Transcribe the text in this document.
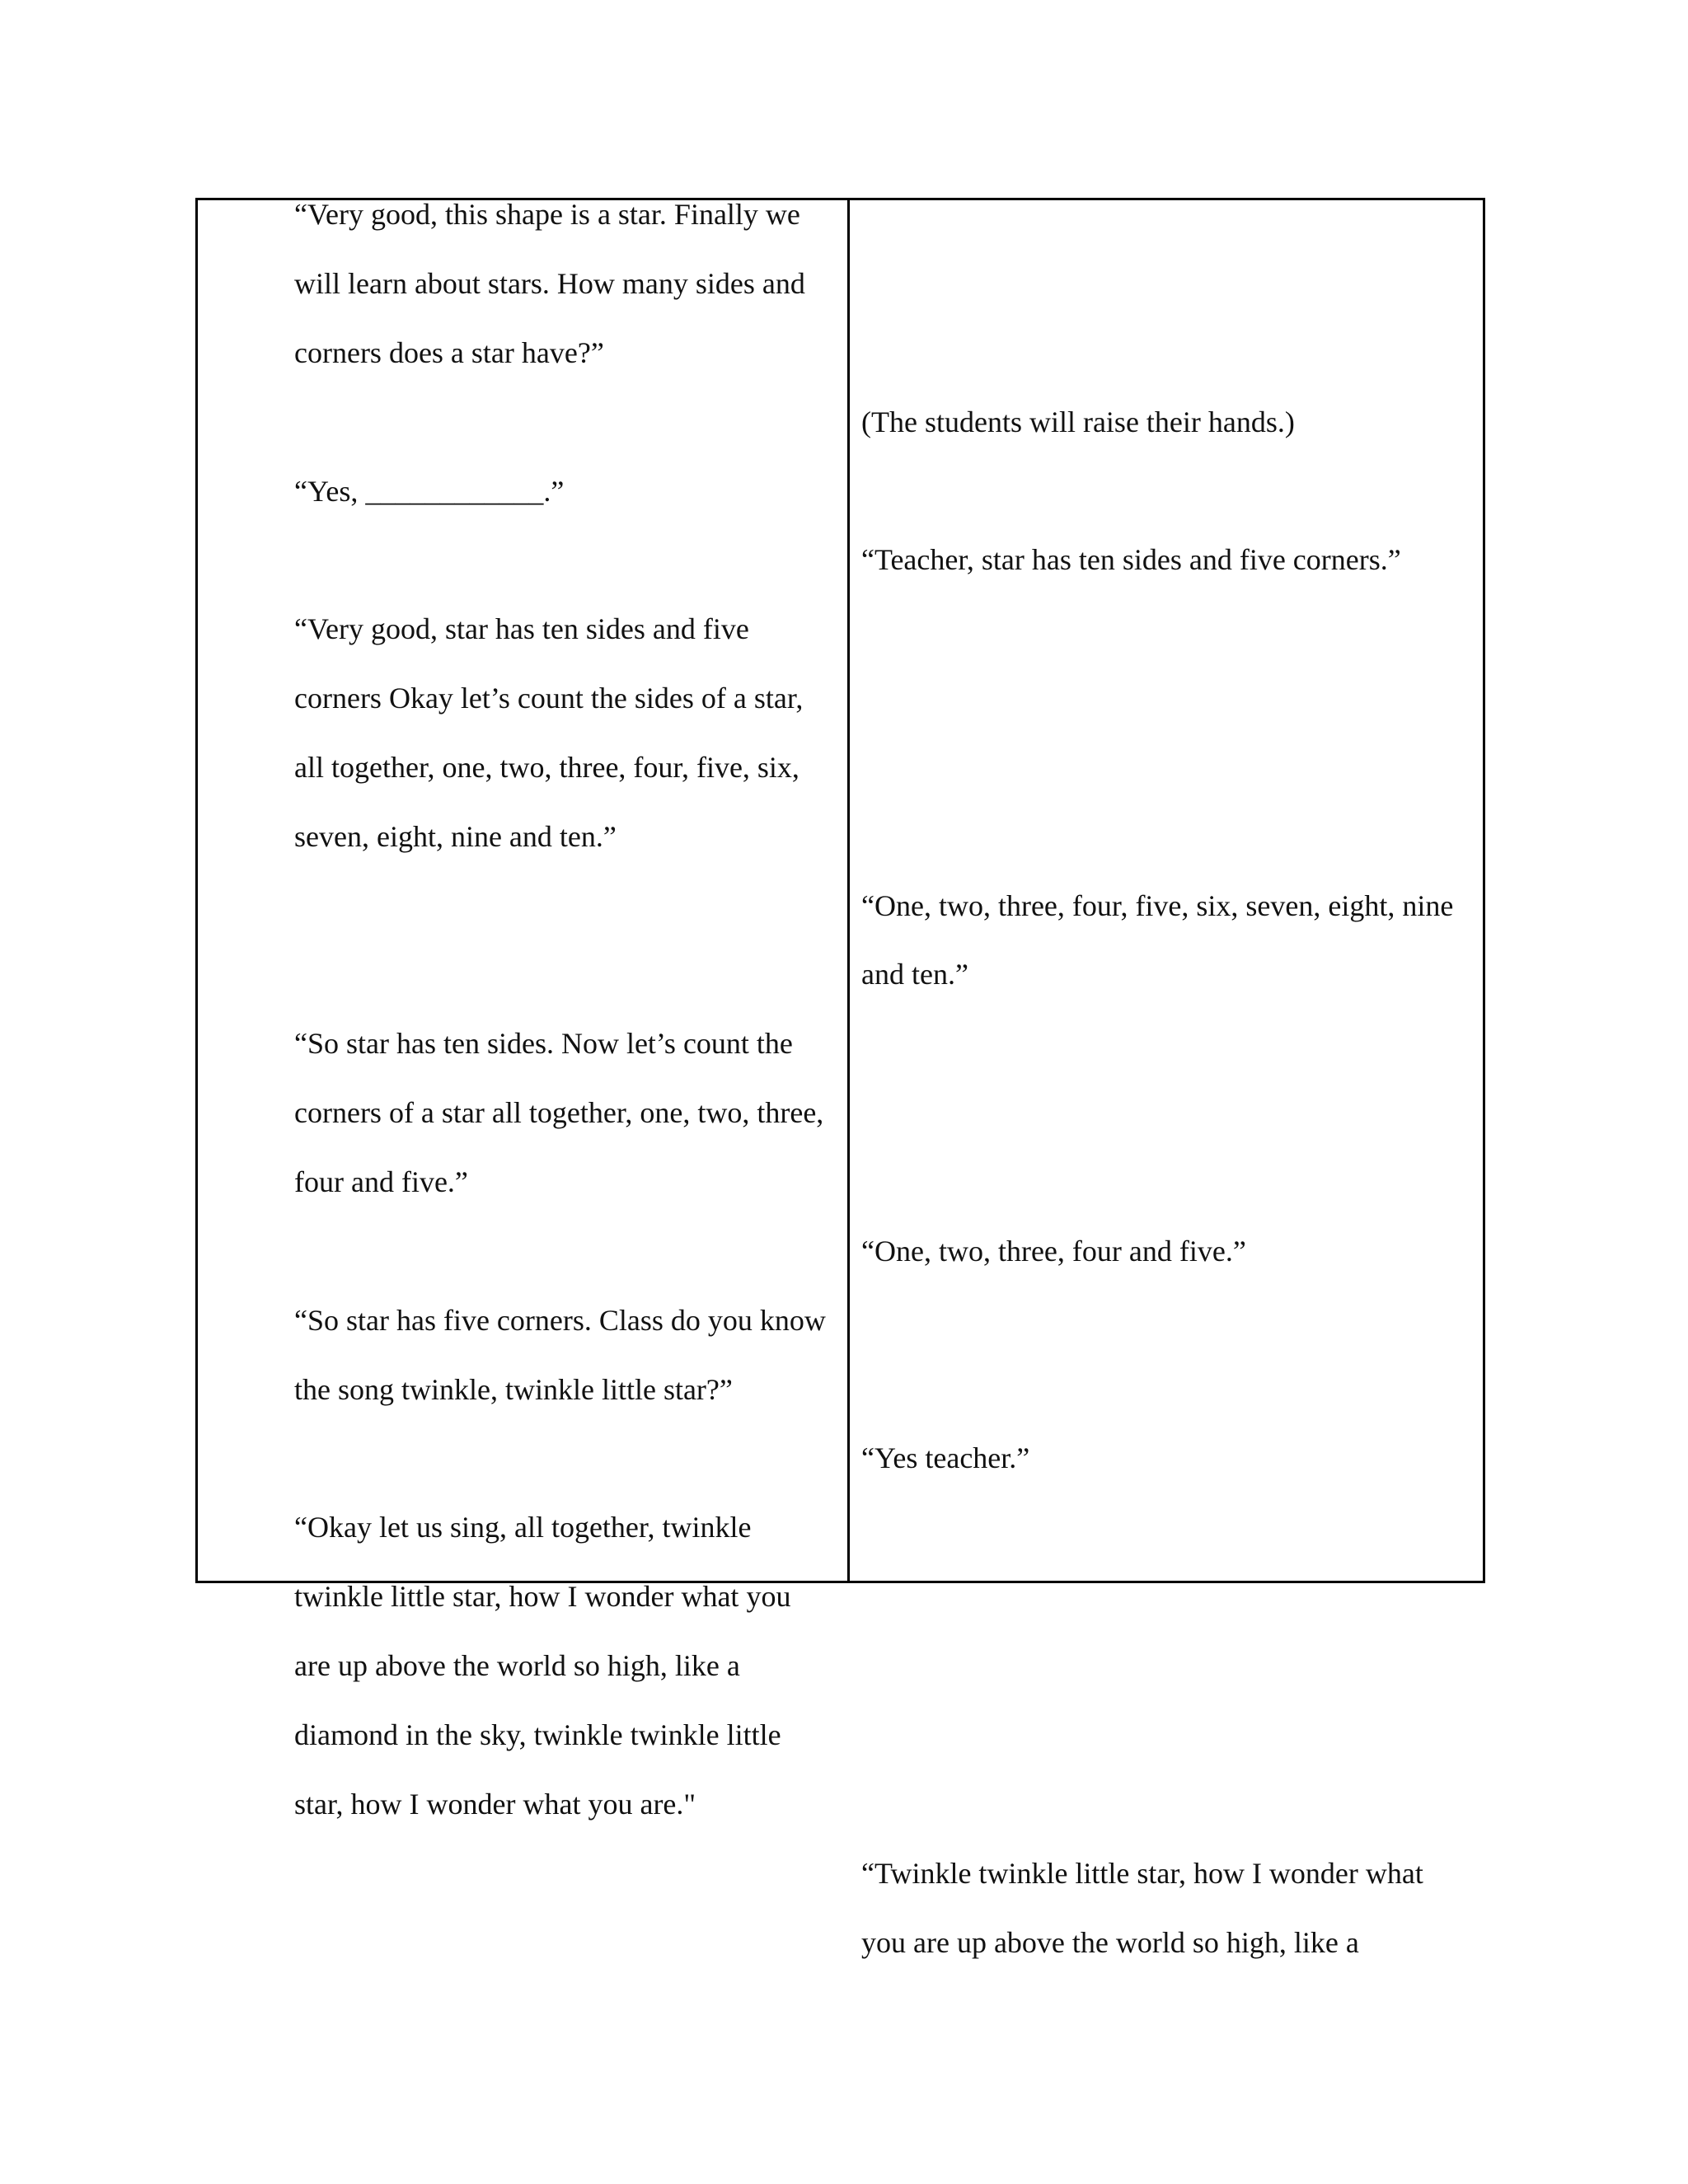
“Very good, this shape is a star. Finally we
will learn about stars. How many sides and
corners does a star have?”
“Yes, ____________.”
“Very good, star has ten sides and five
corners Okay let’s count the sides of a star,
all together, one, two, three, four, five, six,
seven, eight, nine and ten.”
“So star has ten sides. Now let’s count the
corners of a star all together, one, two, three,
four and five.”
“So star has five corners. Class do you know
the song twinkle, twinkle little star?”
“Okay let us sing, all together, twinkle
twinkle little star, how I wonder what you
are up above the world so high, like a
diamond in the sky, twinkle twinkle little
star, how I wonder what you are."
(The students will raise their hands.)
“Teacher, star has ten sides and five corners.”
“One, two, three, four, five, six, seven, eight, nine
and ten.”
“One, two, three, four and five.”
“Yes teacher.”
“Twinkle twinkle little star, how I wonder what
you are up above the world so high, like a
